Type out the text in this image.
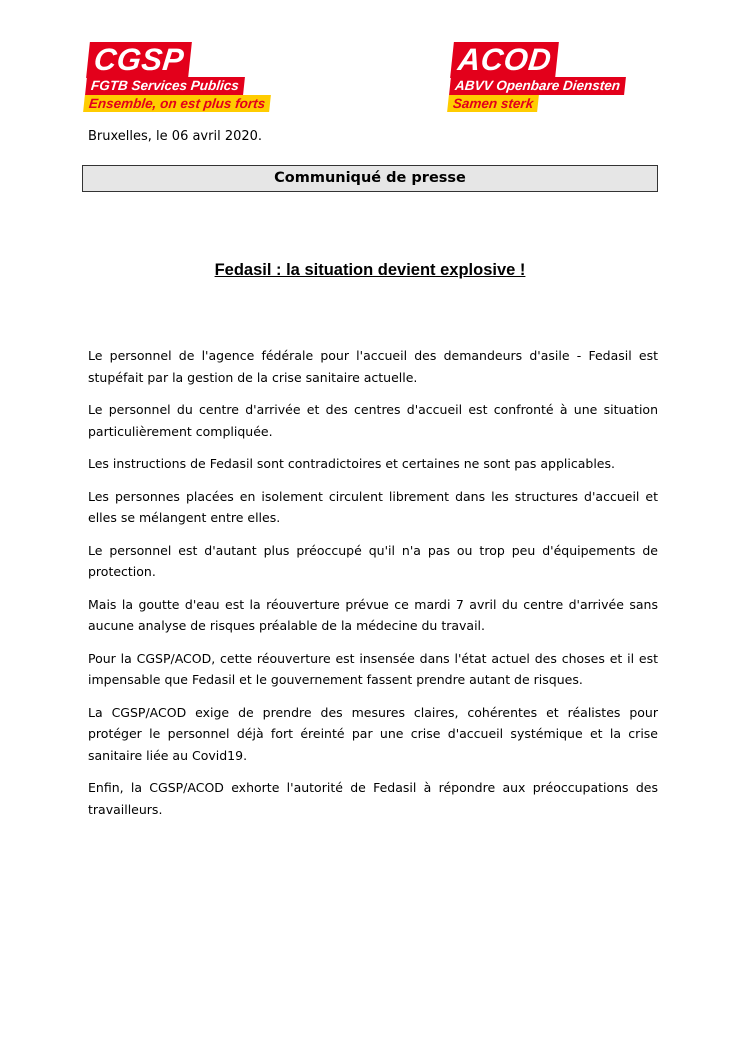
CGSP
FGTB Services Publics
Ensemble, on est plus forts
ACOD
ABVV Openbare Diensten
Samen sterk
Bruxelles, le 06 avril 2020.
Communiqué de presse
Fedasil : la situation devient explosive !

Le personnel de l'agence fédérale pour l'accueil des demandeurs d'asile - Fedasil est stupéfait par la gestion de la crise sanitaire actuelle.

Le personnel du centre d'arrivée et des centres d'accueil est confronté à une situation particulièrement compliquée.

Les instructions de Fedasil sont contradictoires et certaines ne sont pas applicables.

Les personnes placées en isolement circulent librement dans les structures d'accueil et elles se mélangent entre elles.

Le personnel est d'autant plus préoccupé qu'il n'a pas ou trop peu d'équipements de protection.

Mais la goutte d'eau est la réouverture prévue ce mardi 7 avril du centre d'arrivée sans aucune analyse de risques préalable de la médecine du travail.

Pour la CGSP/ACOD, cette réouverture est insensée dans l'état actuel des choses et il est impensable que Fedasil et le gouvernement fassent prendre autant de risques.

La CGSP/ACOD exige de prendre des mesures claires, cohérentes et réalistes pour protéger le personnel déjà fort éreinté par une crise d'accueil systémique et la crise sanitaire liée au Covid19.

Enfin, la CGSP/ACOD exhorte l'autorité de Fedasil à répondre aux préoccupations des travailleurs.
